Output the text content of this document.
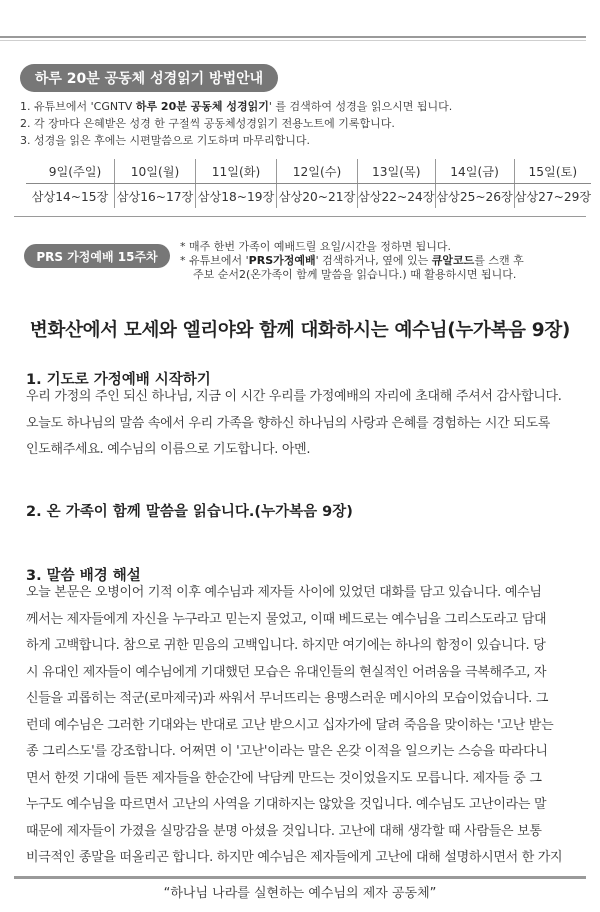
하루 20분 공동체 성경읽기 방법안내
1. 유튜브에서 'CGNTV 하루 20분 공동체 성경읽기' 를 검색하여 성경을 읽으시면 됩니다.
2. 각 장마다 은혜받은 성경 한 구절씩 공동체성경읽기 전용노트에 기록합니다.
3. 성경을 읽은 후에는 시편말씀으로 기도하며 마무리합니다.
9일(주일)	10일(월)	11일(화)	12일(수)	13일(목)	14일(금)	15일(토)
삼상14~15장	삼상16~17장	삼상18~19장	삼상20~21장	삼상22~24장	삼상25~26장	삼상27~29장
PRS 가정예배 15주차
* 매주 한번 가족이 예배드릴 요일/시간을 정하면 됩니다.
* 유튜브에서 'PRS가정예배' 검색하거나, 옆에 있는 큐알코드를 스캔 후
주보 순서2(온가족이 함께 말씀을 읽습니다.) 때 활용하시면 됩니다.
변화산에서 모세와 엘리야와 함께 대화하시는 예수님(누가복음 9장)
1. 기도로 가정예배 시작하기
우리 가정의 주인 되신 하나님, 지금 이 시간 우리를 가정예배의 자리에 초대해 주셔서 감사합니다.
오늘도 하나님의 말씀 속에서 우리 가족을 향하신 하나님의 사랑과 은혜를 경험하는 시간 되도록
인도해주세요. 예수님의 이름으로 기도합니다. 아멘.
2. 온 가족이 함께 말씀을 읽습니다.(누가복음 9장)
3. 말씀 배경 해설
오늘 본문은 오병이어 기적 이후 예수님과 제자들 사이에 있었던 대화를 담고 있습니다. 예수님
께서는 제자들에게 자신을 누구라고 믿는지 물었고, 이때 베드로는 예수님을 그리스도라고 담대
하게 고백합니다. 참으로 귀한 믿음의 고백입니다. 하지만 여기에는 하나의 함정이 있습니다. 당
시 유대인 제자들이 예수님에게 기대했던 모습은 유대인들의 현실적인 어려움을 극복해주고, 자
신들을 괴롭히는 적군(로마제국)과 싸워서 무너뜨리는 용맹스러운 메시아의 모습이었습니다. 그
런데 예수님은 그러한 기대와는 반대로 고난 받으시고 십자가에 달려 죽음을 맞이하는 '고난 받는
종 그리스도'를 강조합니다. 어쩌면 이 '고난'이라는 말은 온갖 이적을 일으키는 스승을 따라다니
면서 한껏 기대에 들뜬 제자들을 한순간에 낙담케 만드는 것이었을지도 모릅니다. 제자들 중 그
누구도 예수님을 따르면서 고난의 사역을 기대하지는 않았을 것입니다. 예수님도 고난이라는 말
때문에 제자들이 가졌을 실망감을 분명 아셨을 것입니다. 고난에 대해 생각할 때 사람들은 보통
비극적인 종말을 떠올리곤 합니다. 하지만 예수님은 제자들에게 고난에 대해 설명하시면서 한 가지
“하나님 나라를 실현하는 예수님의 제자 공동체”
